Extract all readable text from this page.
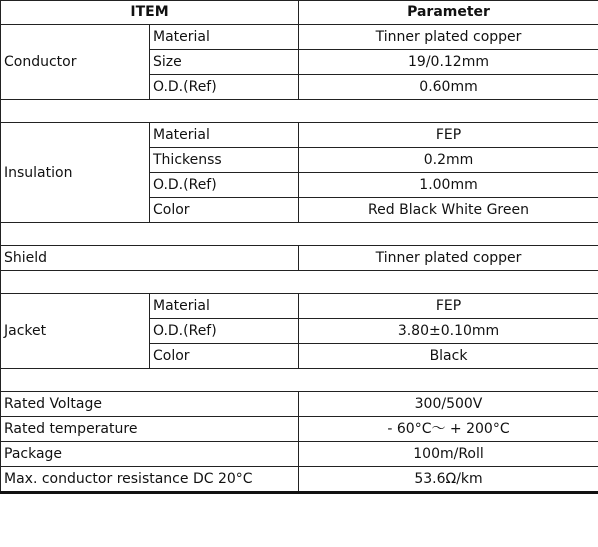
ITEM		Parameter
Conductor	Material	Tinner plated copper
	Size	19/0.12mm
	O.D.(Ref)	0.60mm

Insulation	Material	FEP
	Thickenss	0.2mm
	O.D.(Ref)	1.00mm
	Color	Red Black White Green

Shield		Tinner plated copper

Jacket	Material	FEP
	O.D.(Ref)	3.80±0.10mm
	Color	Black

Rated Voltage		300/500V
Rated temperature		- 60°C～ + 200°C
Package		100m/Roll
Max. conductor resistance DC 20°C		53.6Ω/km
